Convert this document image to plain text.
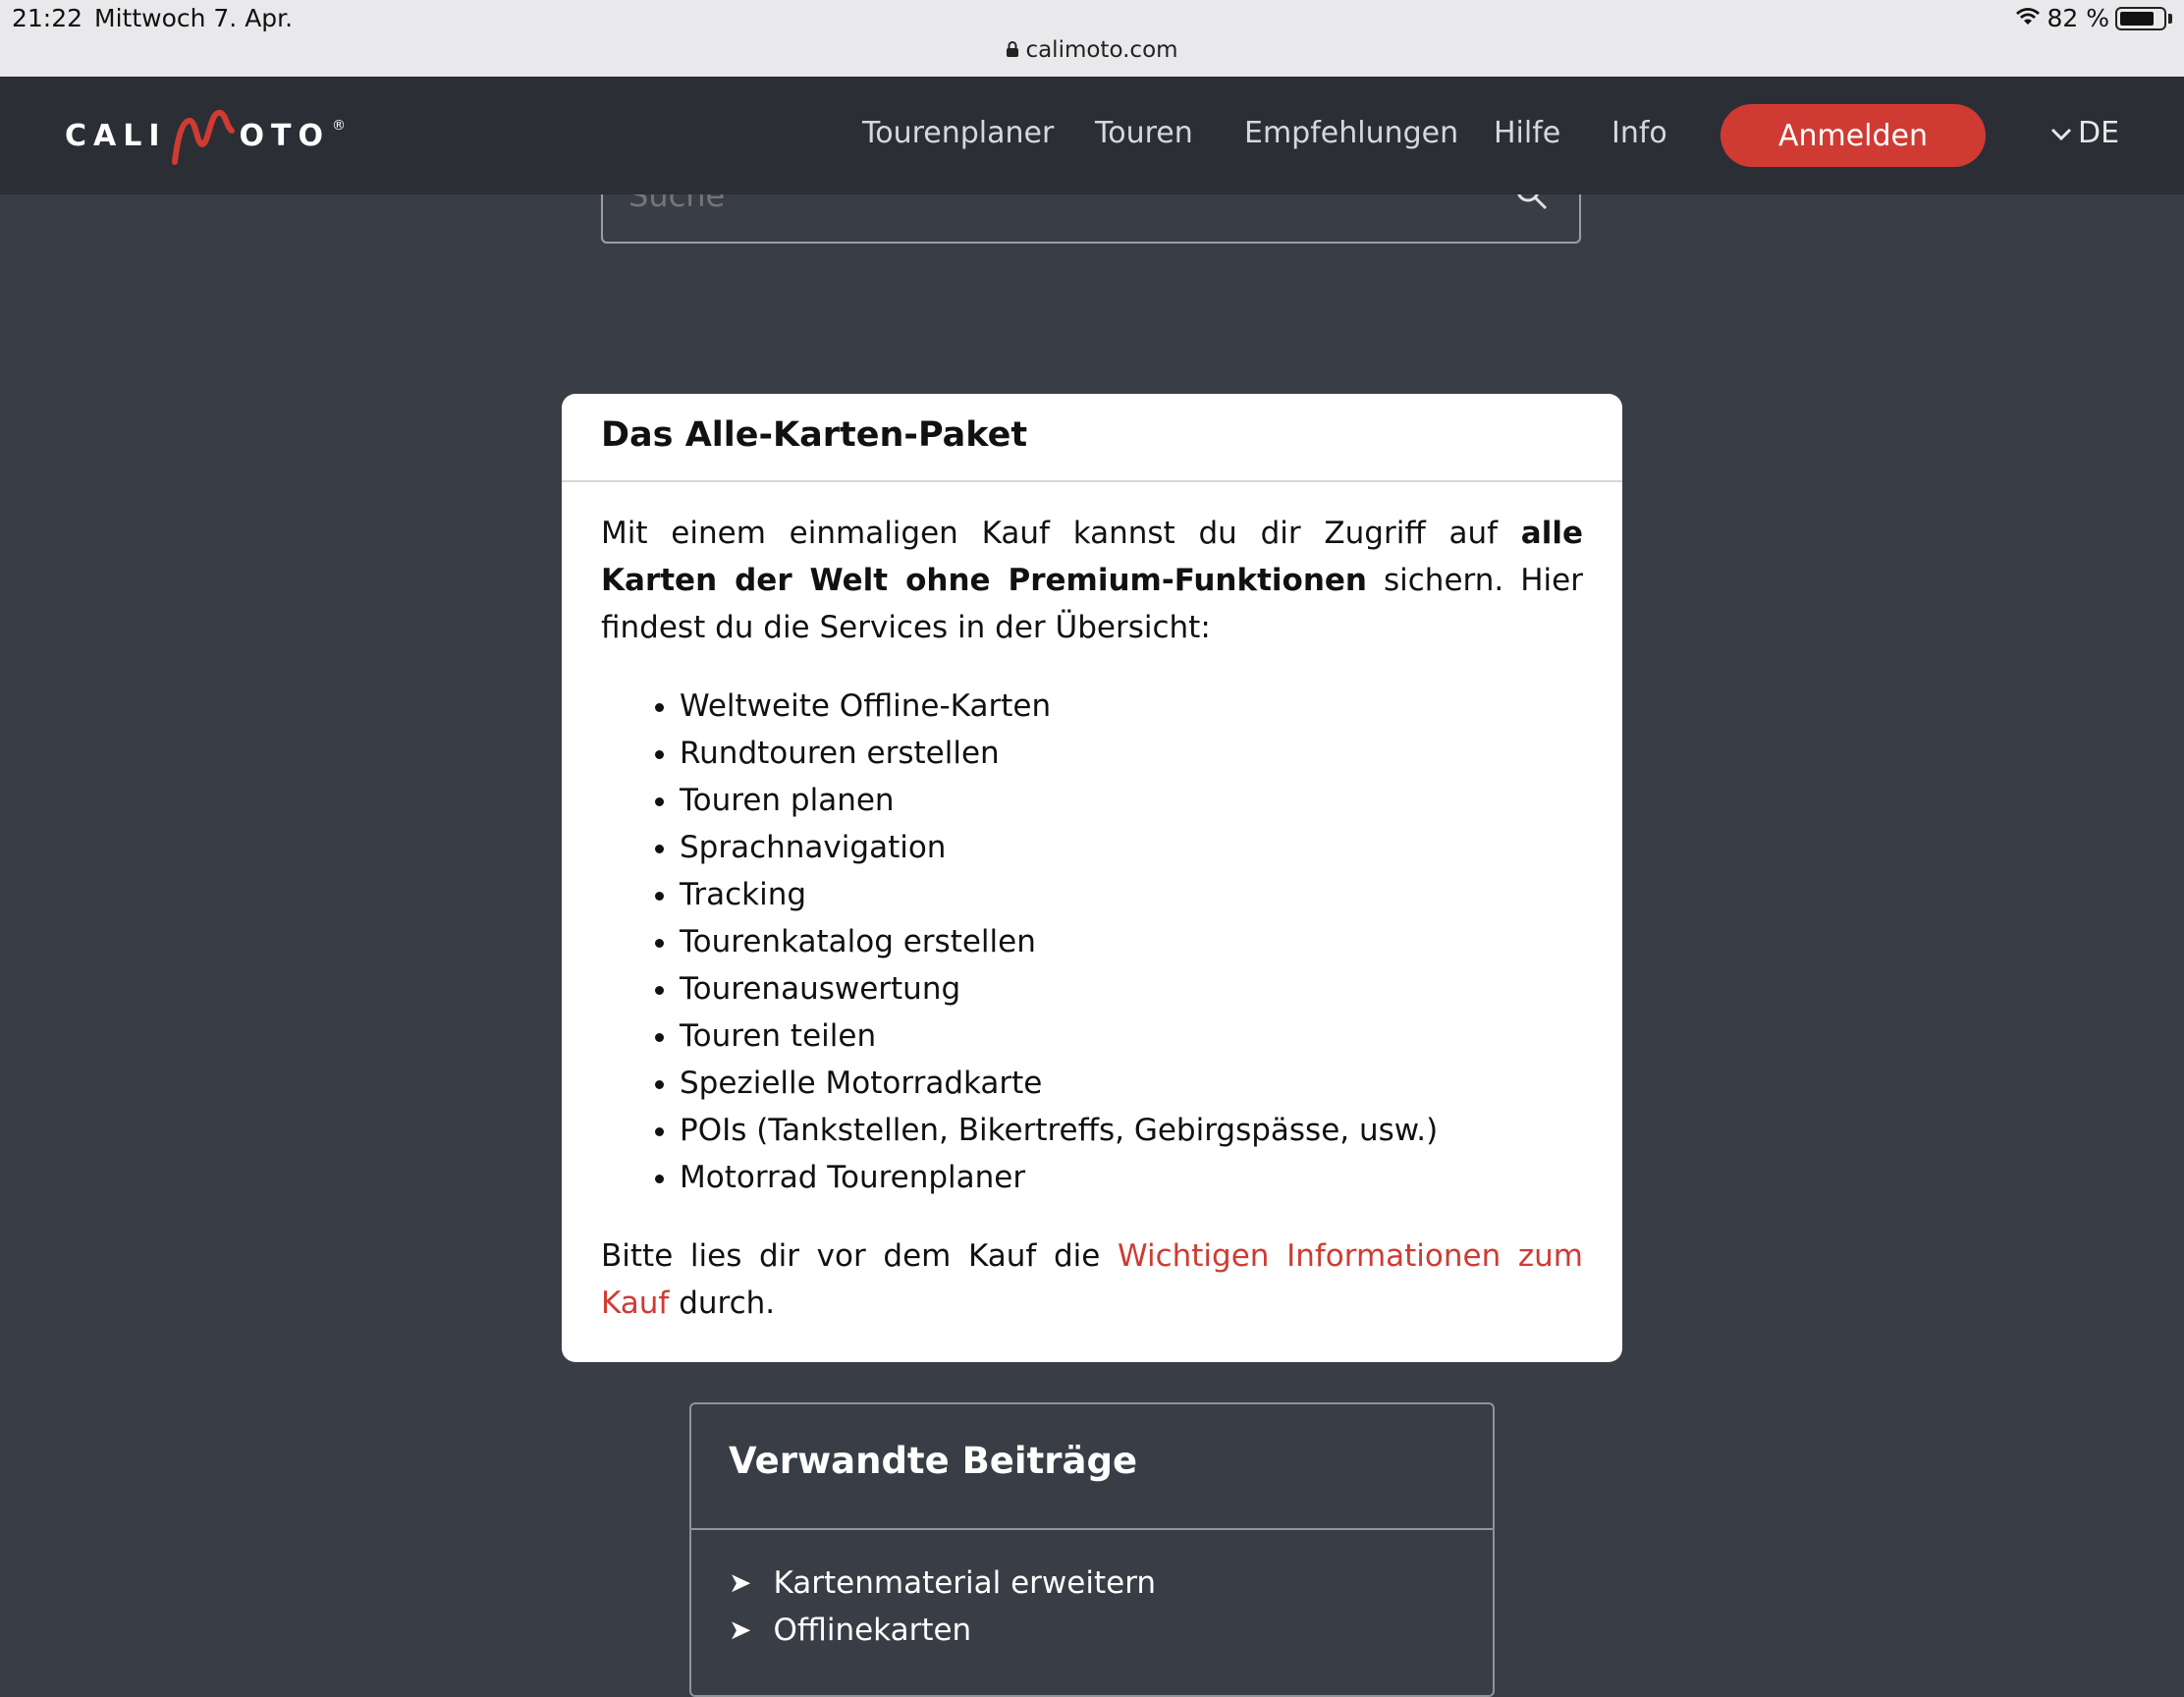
21:22 Mittwoch 7. Apr.	82 %
calimoto.com
CALI OTO ®	Tourenplaner Touren Empfehlungen Hilfe Info	Anmelden	DE
Suche
Das Alle-Karten-Paket

Mit einem einmaligen Kauf kannst du dir Zugriff auf alle Karten der Welt ohne Premium-Funktionen sichern. Hier findest du die Services in der Übersicht:

• Weltweite Offline-Karten
• Rundtouren erstellen
• Touren planen
• Sprachnavigation
• Tracking
• Tourenkatalog erstellen
• Tourenauswertung
• Touren teilen
• Spezielle Motorradkarte
• POIs (Tankstellen, Bikertreffs, Gebirgspässe, usw.)
• Motorrad Tourenplaner

Bitte lies dir vor dem Kauf die Wichtigen Informationen zum Kauf durch.

Verwandte Beiträge
➤ Kartenmaterial erweitern
➤ Offlinekarten
